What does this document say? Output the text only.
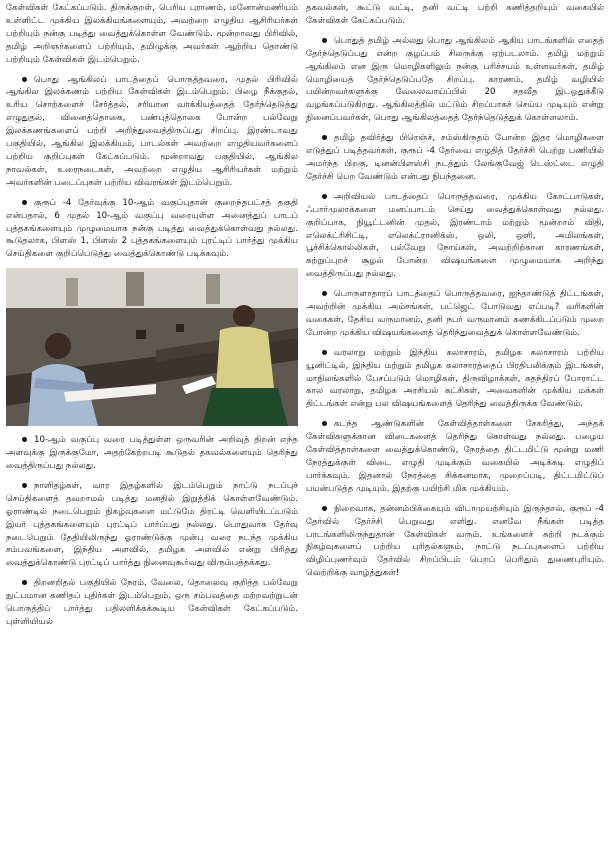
கேள்விகள் கேட்கப்படும். திருக்குறள், பெரிய புராணம், மனோன்மணியம் உள்ளிட்ட முக்கிய இலக்கியங்களையும், அவற்றை எழுதிய ஆசிரியர்கள் பற்றியும் நன்கு படித்து வைத்துக்கொள்ள வேண்டும். மூன்றாவது பிரிவில், தமிழ் அறிஞர்களைப் பற்றியும், தமிழுக்கு அவர்கள் ஆற்றிய தொண்டு பற்றியும் கேள்விகள் இடம்பெறும்.

பொது ஆங்கிலப் பாடத்தைப் பொருத்தவரை, முதல் பிரிவில் ஆங்கில இலக்கணம் பற்றிய கேள்விகள் இடம்பெறும். பிழை நீக்குதல், உரிய சொற்களைச் சேர்த்தல், சரியான வாக்கியத்தைத் தேர்ந்தெடுத்து எழுதுதல், வினைத்தொகை, பண்புத்தொகை போன்ற பல்வேறு இலக்கணங்களைப் பற்றி அறிந்துவைத்திருப்பது சிறப்பு. இரண்டாவது பகுதியில், ஆங்கில இலக்கியம், பாடல்கள் அவற்றை எழுதியவர்களைப் பற்றிய குறிப்புகள் கேட்கப்படும். மூன்றாவது பகுதியில், ஆங்கில நாவல்கள், உரைநடைகள், அவற்றை எழுதிய ஆசிரியர்கள் மற்றும் அவர்களின் படைப்புகள் பற்றிய விவரங்கள் இடம்பெறும்.

குரூப் -4 தேர்வுக்கு 10-ஆம் வகுப்புதான் குறைந்தபட்சத் தகுதி என்பதால், 6 முதல் 10-ஆம் வகுப்பு வரையுள்ள அனைத்துப் பாடப் புத்தகங்களையும் முழுமையாக நன்கு படித்து வைத்துக்கொள்வது நல்லது. கூடுதலாக, பிளஸ் 1, பிளஸ் 2 புத்தகங்களையும் புரட்டிப் பார்த்து முக்கிய செய்திகளை குறிப்பெடுத்து வைத்துக்கொண்டு படிக்கவும்.

10-ஆம் வகுப்பு வரை படித்துள்ள ஒருவரின் அறிவுத் திறன் எந்த அளவுக்கு இருக்குமோ, அதற்கேற்றபடி கூடுதல் தகவல்களையும் தெரிந்து வைத்திருப்பது நல்லது.

நாளிதழ்கள், வார இதழ்களில் இடம்பெறும் நாட்டு நடப்புச் செய்திகளைத் தவறாமல் படித்து மனதில் இறுத்திக் கொள்ளவேண்டும். ஓராண்டில் நடைபெறும் நிகழ்வுகளை மட்டுமே திரட்டி வெளியிடப்படும் இயர் புத்தகங்களையும் புரட்டிப் பார்ப்பது நல்லது. பொதுவாக தேர்வு நடைபெறும் தேதியிலிருந்து ஓராண்டுக்கு முன்பு வரை நடந்த முக்கிய சம்பவங்களை, இந்திய அளவில், தமிழக அளவில் என்று பிரித்து வைத்துக்கொண்டு புரட்டிப் பார்த்து நினைவுகூர்வது விரும்பத்தக்கது.

திறனறிதல் பகுதியில் நேரம், வேலை, தொலைவு குறித்த பல்வேறு நுட்பமான கணிதப் புதிர்கள் இடம்பெறும். ஒரு சம்பவத்தை மற்றவற்றுடன் பொருத்திப் பார்த்து பதிலளிக்கக்கூடிய கேள்விகள் கேட்கப்படும். புள்ளியியல்

தகவல்கள், கூட்டு வட்டி, தனி வட்டி பற்றி கணித்தறியும் வகையில் கேள்விகள் கேட்கப்படும்.

பொதுத் தமிழ் அல்லது பொது ஆங்கிலம் ஆகிய பாடங்களில் எதைத் தேர்ந்தெடுப்பது என்ற குழப்பம் சிலருக்கு ஏற்படலாம். தமிழ் மற்றும் ஆங்கிலம் என இரு மொழிகளிலும் நன்கு பரிச்சயம் உள்ளவர்கள், தமிழ் மொழியைத் தேர்ந்தெடுப்பதே சிறப்பு. காரணம், தமிழ் வழியில் பயின்றவர்களுக்கு வேலைவாய்ப்பில் 20 சதவீத இடஒதுக்கீடு வழங்கப்படுகிறது. ஆங்கிலத்தில் மட்டும் சிறப்பாகச் செய்ய முடியும் என்று நினைப்பவர்கள், பொது ஆங்கிலத்தைத் தேர்ந்தெடுத்துக் கொள்ளலாம்.

தமிழ் தவிர்த்து பிரெஞ்ச், சம்ஸ்கிருதம் போன்ற இதர மொழிகளை எடுத்துப் படித்தவர்கள், குரூப் -4 தேர்வை எழுதித் தேர்ச்சி பெற்று பணியில் அமர்ந்த பிறகு, டினன்பிளஸ்சி நடத்தும் லேங்குவேஜ் டெஸ்ட்டை எழுதி தேர்ச்சி பெற வேண்டும் என்பது நிபந்தனை.

அறிவியல் பாடத்தைப் பொருத்தவரை, முக்கிய கோட்பாடுகள், ஃபார்முலாக்களை மனப்பாடம் செய்து வைத்துக்கொள்வது நல்லது. குறிப்பாக, நியூட்டனின் முதல், இரண்டாம் மற்றும் மூன்றாம் விதி, எலெக்ட்ரிசிட்டி, எலெக்ட்ரானிக்ஸ், ஒலி, ஒளி, அமிலங்கள், பூச்சிக்கொல்லிகள், பல்வேறு நோய்கள், அவற்றிற்கான காரணங்கள், சுற்றுப்புறச் சூழல் போன்ற விஷயங்களை முழுமையாக அறிந்து வைத்திருப்பது நல்லது.

பொருளாதாரப் பாடத்தைப் பொருத்தவரை, ஐந்தாண்டுத் திட்டங்கள், அவற்றின் முக்கிய அம்சங்கள், பட்ஜெட் போடுவது எப்படி? வரிகளின் வகைகள், தேசிய வருமானம், தனி நபர் வருமானம் கணக்கிடப்படும் முறை போன்ற முக்கிய விஷயங்களைத் தெரிந்துவைத்துக் கொள்ளவேண்டும்.

வரலாறு மற்றும் இந்திய கலாசாரம், தமிழக கலாசாரம் பற்றிய யூனிட்டில், இந்திய மற்றும் தமிழக கலாசாரத்தைப் பிரதிபலிக்கும் இடங்கள், மாநிலங்களில் பேசப்படும் மொழிகள், திருவிழாக்கள், சுதந்திரப் போராட்ட கால வரலாறு, தமிழக அரசியல் கட்சிகள், அவைகளின் முக்கிய மக்கள் திட்டங்கள் என்று பல விஷயங்களைத் தெரிந்து வைத்திருக்க வேண்டும்.

கடந்த ஆண்டுகளின் கேள்வித்தாள்களை சேகரித்து, அந்தக் கேள்விகளுக்கான விடைகளைத் தெரிந்து கொள்வது நல்லது. பழைய கேள்வித்தாள்களை வைத்துக்கொண்டு, நேரத்தை திட்டமிட்டு மூன்று மணி நேரத்துக்குள் விடை எழுதி முடிக்கும் வகையில் அடிக்கடி எழுதிப் பார்க்கவும். இதனால் நேரத்தை சிக்கனமாக, முறைப்படி, திட்டமிட்டுப் பயன்படுத்த முடியும். இதற்கு பயிற்சி மிக முக்கியம்.

நிறைவாக, தன்னம்பிக்கையும் விடாமுயற்சியும் இருந்தால், குரூப் -4 தேர்வில் தேர்ச்சி பெறுவது எளிது. எனவே நீங்கள் படித்த பாடங்களிலிருந்துதான் கேள்விகள் வரும். உங்களைச் சுற்றி நடக்கும் நிகழ்வுகளைப் பற்றிய புரிதல்களும், நாட்டு நடப்புகளைப் பற்றிய விழிப்புணர்வும் தேர்வில் சிறப்பிடம் பெறப் பெரிதும் துணைபுரியும். வெற்றிக்கு வாழ்த்துகள்!
